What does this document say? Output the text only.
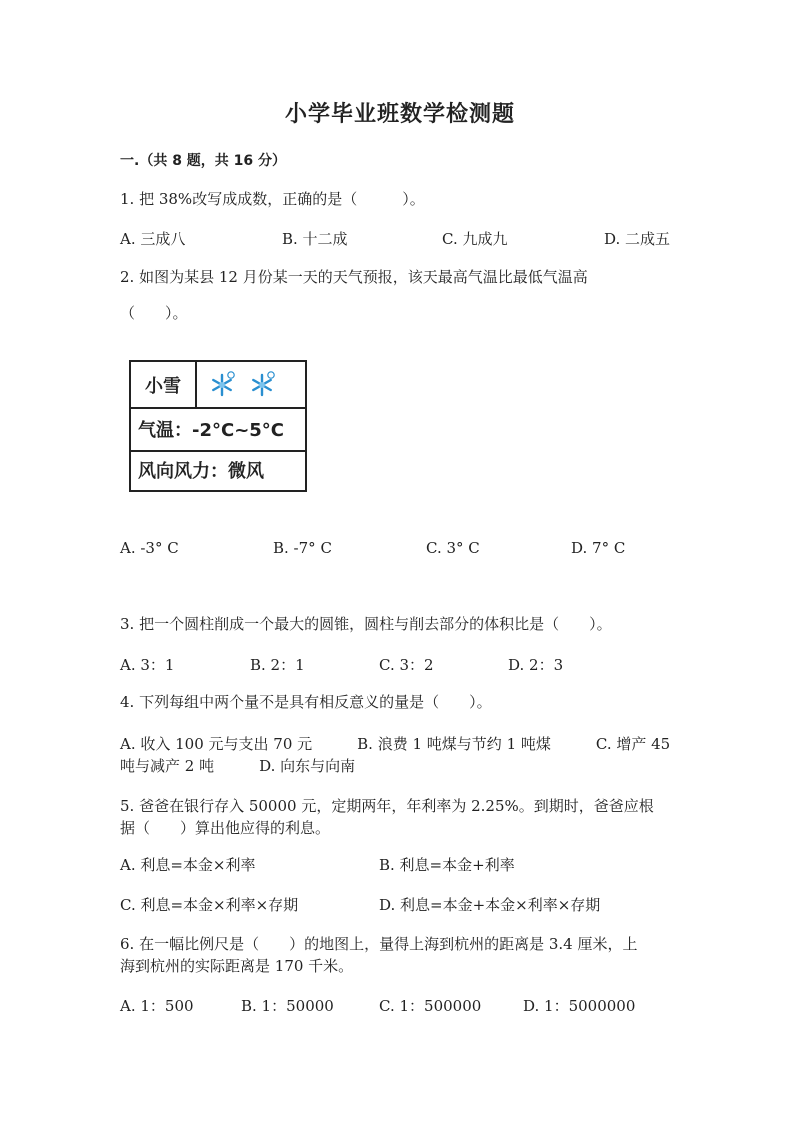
小学毕业班数学检测题
一.（共 8 题，共 16 分）
1. 把 38%改写成成数，正确的是（　　　）。
A. 三成八	B. 十二成	C. 九成九	D. 二成五
2. 如图为某县 12 月份某一天的天气预报，该天最高气温比最低气温高
（　　）。
小雪
气温：-2°C~5°C
风向风力：微风
A. -3° C	B. -7° C	C. 3° C	D. 7° C
3. 把一个圆柱削成一个最大的圆锥，圆柱与削去部分的体积比是（　　）。
A. 3：1	B. 2：1	C. 3：2	D. 2：3
4. 下列每组中两个量不是具有相反意义的量是（　　）。
A. 收入 100 元与支出 70 元　　　B. 浪费 1 吨煤与节约 1 吨煤　　　C. 增产 45
吨与减产 2 吨　　　D. 向东与向南
5. 爸爸在银行存入 50000 元，定期两年，年利率为 2.25%。到期时，爸爸应根
据（　　）算出他应得的利息。
A. 利息=本金×利率	B. 利息=本金+利率
C. 利息=本金×利率×存期	D. 利息=本金+本金×利率×存期
6. 在一幅比例尺是（　　）的地图上，量得上海到杭州的距离是 3.4 厘米，上
海到杭州的实际距离是 170 千米。
A. 1：500	B. 1：50000	C. 1：500000	D. 1：5000000
